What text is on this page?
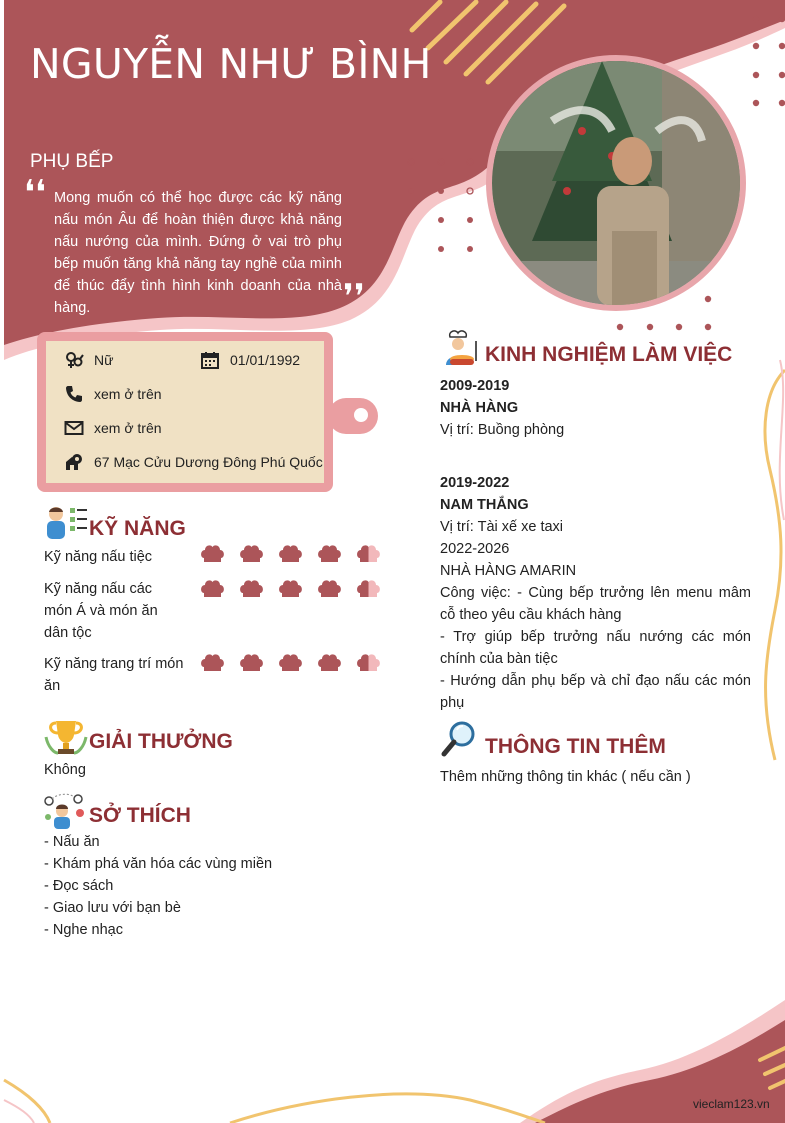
NGUYỄN NHƯ BÌNH
PHỤ BẾP
❛❛ Mong muốn có thể học được các kỹ năng nấu món Âu để hoàn thiện được khả năng nấu nướng của mình. Đứng ở vai trò phụ bếp muốn tăng khả năng tay nghề của mình để thúc đẩy tình hình kinh doanh của nhà hàng.	❜❜
Nữ	01/01/1992
xem ở trên
xem ở trên
67 Mạc Cửu Dương Đông Phú Quốc
KỸ NĂNG
Kỹ năng nấu tiệc
Kỹ năng nấu các món Á và món ăn dân tộc
Kỹ năng trang trí món ăn
GIẢI THƯỞNG
Không
SỞ THÍCH
- Nấu ăn
- Khám phá văn hóa các vùng miền
- Đọc sách
- Giao lưu với bạn bè
- Nghe nhạc
KINH NGHIỆM LÀM VIỆC
2009-2019
NHÀ HÀNG
Vị trí: Buồng phòng
2019-2022
NAM THẮNG
Vị trí: Tài xế xe taxi
2022-2026
NHÀ HÀNG AMARIN
Công việc: - Cùng bếp trưởng lên menu mâm cỗ theo yêu cầu khách hàng
- Trợ giúp bếp trưởng nấu nướng các món chính của bàn tiệc
- Hướng dẫn phụ bếp và chỉ đạo nấu các món phụ
THÔNG TIN THÊM
Thêm những thông tin khác ( nếu cần )
vieclam123.vn
